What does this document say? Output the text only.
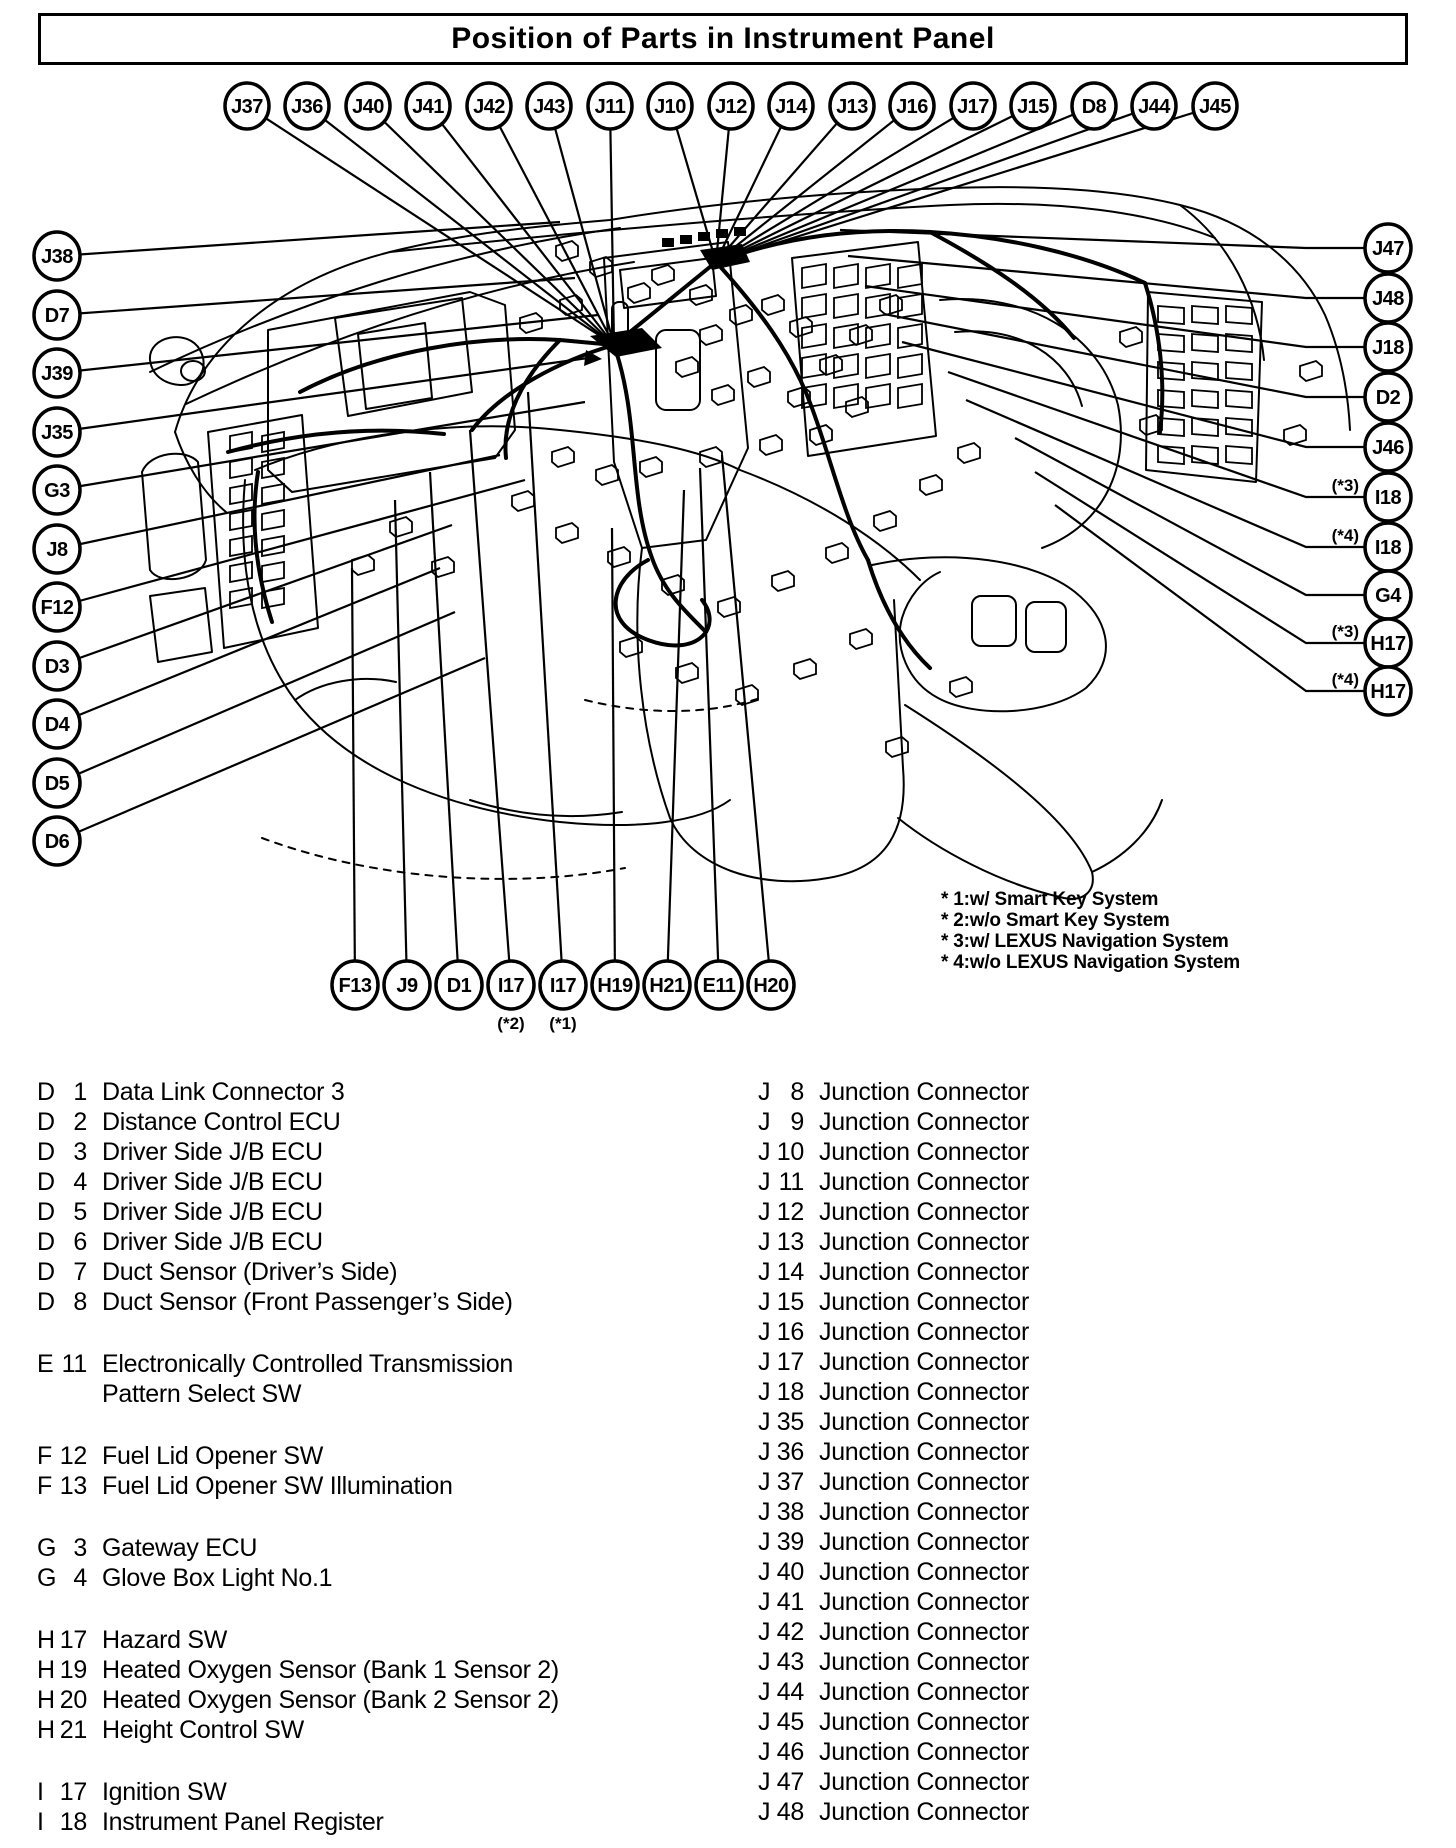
Position of Parts in Instrument Panel
J37 J36 J40 J41 J42 J43 J11 J10 J12 J14 J13 J16 J17 J15 D8 J44 J45
J38
D7
J39
J35
G3
J8
F12
D3
D4
D5
D6
J47
J48
J18
D2
J46
I18
(*3)
I18
(*4)
G4
H17
(*3)
H17
(*4)
F13 J9 D1 I17
(*2)
I17
(*1)
H19 H21 E11 H20
* 1:w/ Smart Key System
* 2:w/o Smart Key System
* 3:w/ LEXUS Navigation System
* 4:w/o LEXUS Navigation System
D 1 Data Link Connector 3
D 2 Distance Control ECU
D 3 Driver Side J/B ECU
D 4 Driver Side J/B ECU
D 5 Driver Side J/B ECU
D 6 Driver Side J/B ECU
D 7 Duct Sensor (Driver’s Side)
D 8 Duct Sensor (Front Passenger’s Side)
E 11 Electronically Controlled Transmission
Pattern Select SW
F 12 Fuel Lid Opener SW
F 13 Fuel Lid Opener SW Illumination
G 3 Gateway ECU
G 4 Glove Box Light No.1
H 17 Hazard SW
H 19 Heated Oxygen Sensor (Bank 1 Sensor 2)
H 20 Heated Oxygen Sensor (Bank 2 Sensor 2)
H 21 Height Control SW
I 17 Ignition SW
I 18 Instrument Panel Register
J 8 Junction Connector
J 9 Junction Connector
J 10 Junction Connector
J 11 Junction Connector
J 12 Junction Connector
J 13 Junction Connector
J 14 Junction Connector
J 15 Junction Connector
J 16 Junction Connector
J 17 Junction Connector
J 18 Junction Connector
J 35 Junction Connector
J 36 Junction Connector
J 37 Junction Connector
J 38 Junction Connector
J 39 Junction Connector
J 40 Junction Connector
J 41 Junction Connector
J 42 Junction Connector
J 43 Junction Connector
J 44 Junction Connector
J 45 Junction Connector
J 46 Junction Connector
J 47 Junction Connector
J 48 Junction Connector
